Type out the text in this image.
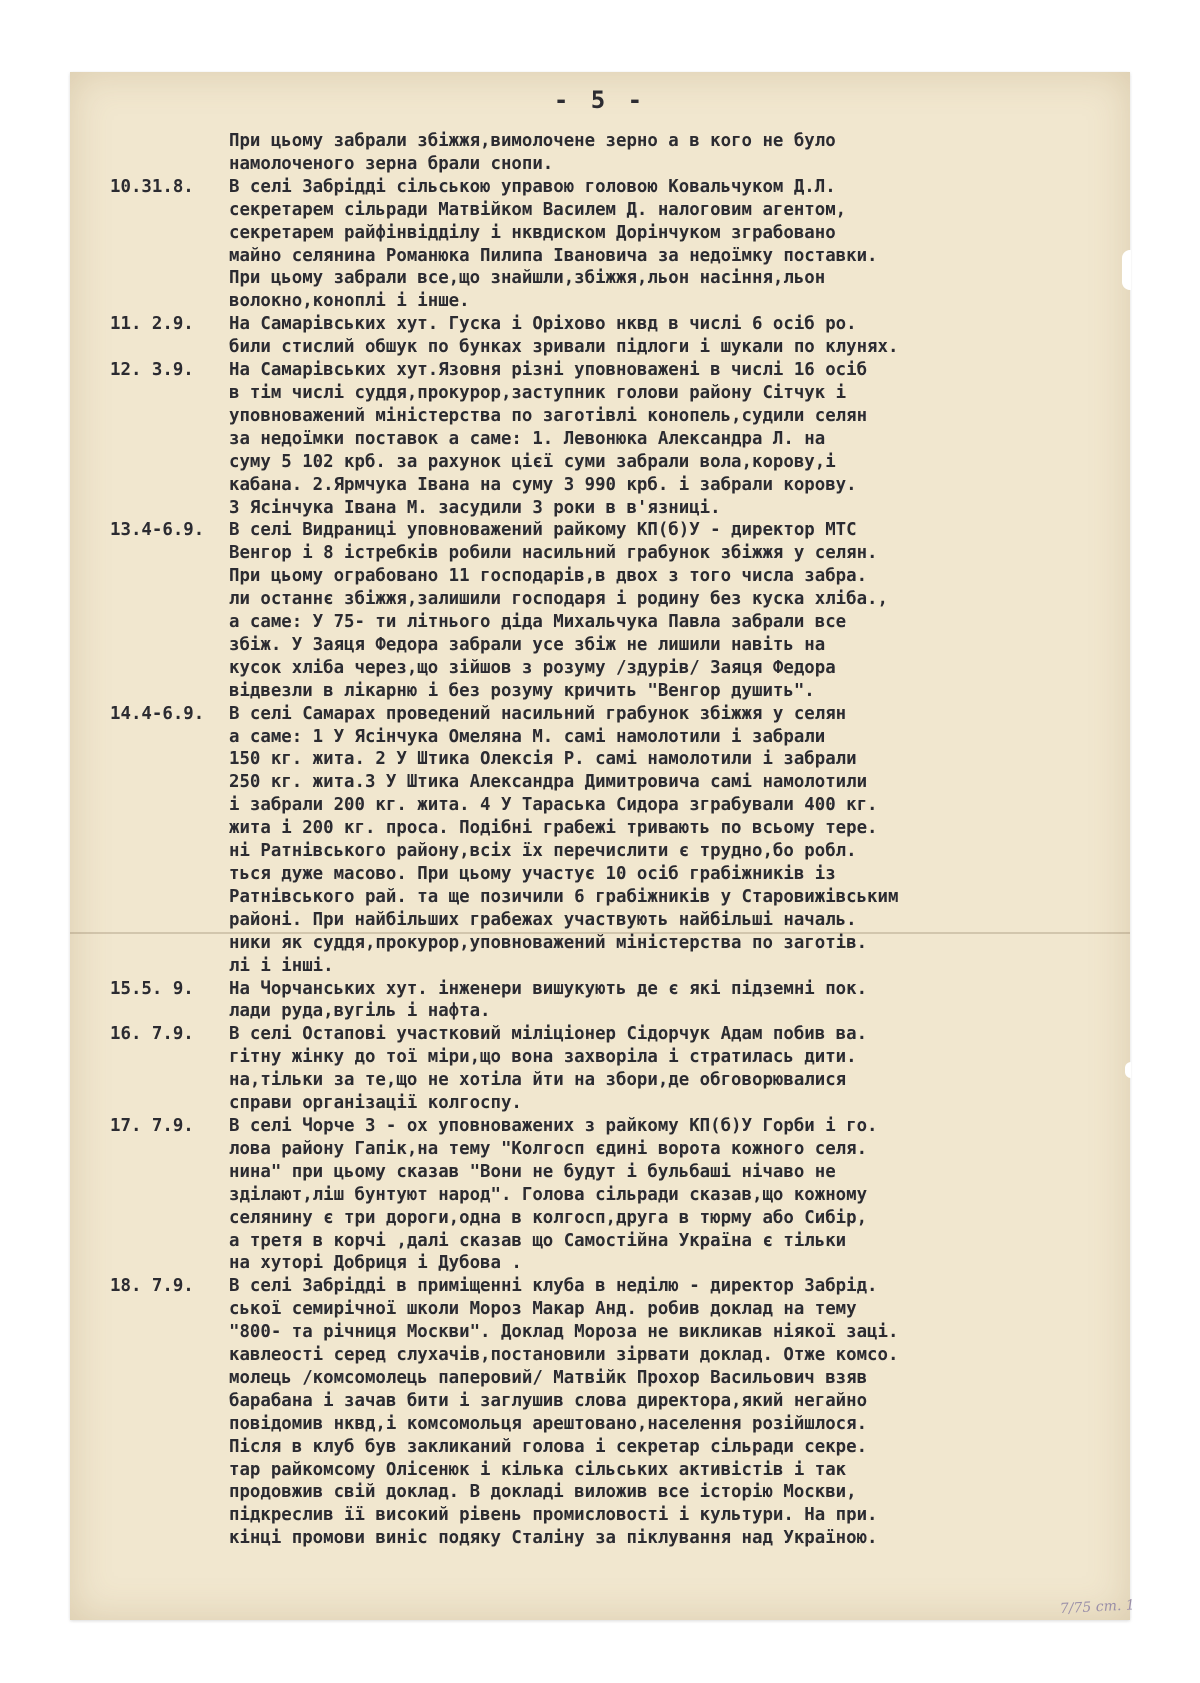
- 5 -
При цьому забрали збіжжя,вимолочене зерно а в кого не було
намолоченого зерна брали снопи.
10.31.8. В селі Забрідді сільською управою головою Ковальчуком Д.Л.
секретарем сільради Матвійком Василем Д. налоговим агентом,
секретарем райфінвідділу і нквдиском Дорінчуком зграбовано
майно селянина Романюка Пилипа Івановича за недоїмку поставки.
При цьому забрали все,що знайшли,збіжжя,льон насіння,льон
волокно,коноплі і інше.
11. 2.9. На Самарівських хут. Гуска і Оріхово нквд в числі 6 осіб ро.
били стислий обшук по бунках зривали підлоги і шукали по клунях.
12. 3.9. На Самарівських хут.Язовня різні уповноважені в числі 16 осіб
в тім числі суддя,прокурор,заступник голови району Сітчук і
уповноважений міністерства по заготівлі конопель,судили селян
за недоїмки поставок а саме: 1. Левонюка Александра Л. на
суму 5 102 крб. за рахунок цієї суми забрали вола,корову,і
кабана. 2.Ярмчука Івана на суму 3 990 крб. і забрали корову.
3 Ясінчука Івана М. засудили 3 роки в в'язниці.
13.4-6.9. В селі Видраниці уповноважений райкому КП(б)У - директор МТС
Венгор і 8 істребків робили насильний грабунок збіжжя у селян.
При цьому ограбовано 11 господарів,в двох з того числа забра.
ли останнє збіжжя,залишили господаря і родину без куска хліба.,
а саме: У 75- ти літнього діда Михальчука Павла забрали все
збіж. У Заяця Федора забрали усе збіж не лишили навіть на
кусок хліба через,що зійшов з розуму /здурів/ Заяця Федора
відвезли в лікарню і без розуму кричить "Венгор душить".
14.4-6.9. В селі Самарах проведений насильний грабунок збіжжя у селян
а саме: 1 У Ясінчука Омеляна М. самі намолотили і забрали
150 кг. жита. 2 У Штика Олексія Р. самі намолотили і забрали
250 кг. жита.3 У Штика Александра Димитровича самі намолотили
і забрали 200 кг. жита. 4 У Тараська Сидора зграбували 400 кг.
жита і 200 кг. проса. Подібні грабежі тривають по всьому тере.
ні Ратнівського району,всіх їх перечислити є трудно,бо робл.
ться дуже масово. При цьому участує 10 осіб грабіжників із
Ратнівського рай. та ще позичили 6 грабіжників у Старовижівським
районі. При найбільших грабежах участвують найбільші началь.
ники як суддя,прокурор,уповноважений міністерства по заготів.
лі і інші.
15.5. 9. На Чорчанських хут. інженери вишукують де є які підземні пок.
лади руда,вугіль і нафта.
16. 7.9. В селі Остапові участковий міліціонер Сідорчук Адам побив ва.
гітну жінку до тої міри,що вона захворіла і стратилась дити.
на,тільки за те,що не хотіла йти на збори,де обговорювалися
справи організації колгоспу.
17. 7.9. В селі Чорче 3 - ох уповноважених з райкому КП(б)У Горби і го.
лова району Гапік,на тему "Колгосп єдині ворота кожного селя.
нина" при цьому сказав "Вони не будут і бульбаші нічаво не
зділают,ліш бунтуют народ". Голова сільради сказав,що кожному
селянину є три дороги,одна в колгосп,друга в тюрму або Сибір,
а третя в корчі ,далі сказав що Самостійна Україна є тільки
на хуторі Добриця і Дубова .
18. 7.9. В селі Забрідді в приміщенні клуба в неділю - директор Забрід.
ської семирічної школи Мороз Макар Анд. робив доклад на тему
"800- та річниця Москви". Доклад Мороза не викликав ніякої заці.
кавлеості серед слухачів,постановили зірвати доклад. Отже комсо.
молець /комсомолець паперовий/ Матвійк Прохор Васильович взяв
барабана і зачав бити і заглушив слова директора,який негайно
повідомив нквд,і комсомольця арештовано,населення розійшлося.
Після в клуб був закликаний голова і секретар сільради секре.
тар райкомсому Олісенюк і кілька сільських активістів і так
продовжив свій доклад. В докладі виложив все історію Москви,
підкреслив її високий рівень промисловості і культури. На при.
кінці промови виніс подяку Сталіну за піклування над Україною.
7/75 ст. 1
